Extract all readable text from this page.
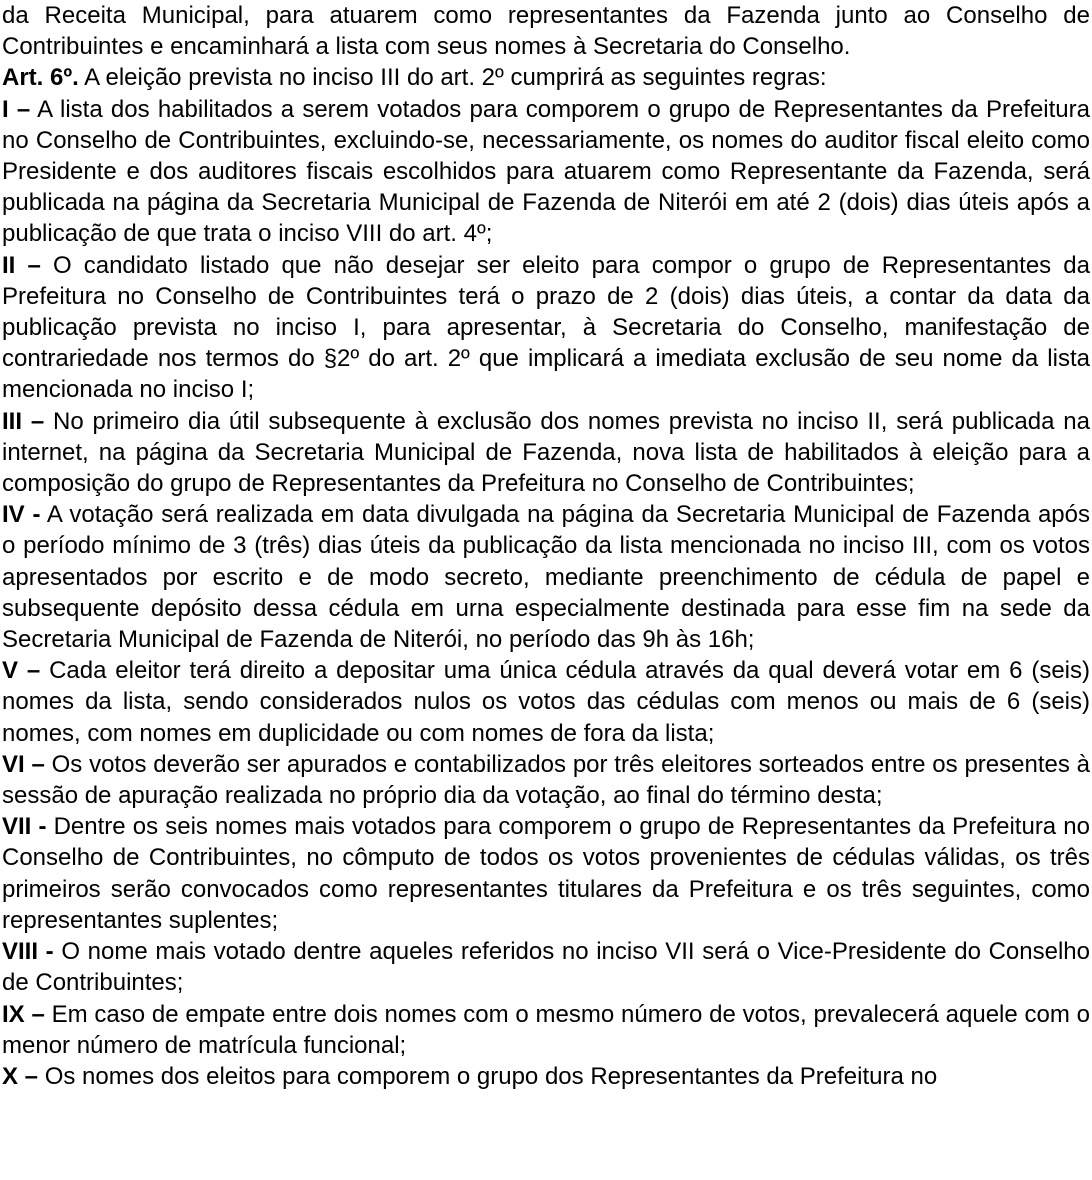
da Receita Municipal, para atuarem como representantes da Fazenda junto ao Conselho de Contribuintes e encaminhará a lista com seus nomes à Secretaria do Conselho.

Art. 6º. A eleição prevista no inciso III do art. 2º cumprirá as seguintes regras:

I – A lista dos habilitados a serem votados para comporem o grupo de Representantes da Prefeitura no Conselho de Contribuintes, excluindo-se, necessariamente, os nomes do auditor fiscal eleito como Presidente e dos auditores fiscais escolhidos para atuarem como Representante da Fazenda, será publicada na página da Secretaria Municipal de Fazenda de Niterói em até 2 (dois) dias úteis após a publicação de que trata o inciso VIII do art. 4º;

II – O candidato listado que não desejar ser eleito para compor o grupo de Representantes da Prefeitura no Conselho de Contribuintes terá o prazo de 2 (dois) dias úteis, a contar da data da publicação prevista no inciso I, para apresentar, à Secretaria do Conselho, manifestação de contrariedade nos termos do §2º do art. 2º que implicará a imediata exclusão de seu nome da lista mencionada no inciso I;

III – No primeiro dia útil subsequente à exclusão dos nomes prevista no inciso II, será publicada na internet, na página da Secretaria Municipal de Fazenda, nova lista de habilitados à eleição para a composição do grupo de Representantes da Prefeitura no Conselho de Contribuintes;

IV - A votação será realizada em data divulgada na página da Secretaria Municipal de Fazenda após o período mínimo de 3 (três) dias úteis da publicação da lista mencionada no inciso III, com os votos apresentados por escrito e de modo secreto, mediante preenchimento de cédula de papel e subsequente depósito dessa cédula em urna especialmente destinada para esse fim na sede da Secretaria Municipal de Fazenda de Niterói, no período das 9h às 16h;

V – Cada eleitor terá direito a depositar uma única cédula através da qual deverá votar em 6 (seis) nomes da lista, sendo considerados nulos os votos das cédulas com menos ou mais de 6 (seis) nomes, com nomes em duplicidade ou com nomes de fora da lista;

VI – Os votos deverão ser apurados e contabilizados por três eleitores sorteados entre os presentes à sessão de apuração realizada no próprio dia da votação, ao final do término desta;

VII - Dentre os seis nomes mais votados para comporem o grupo de Representantes da Prefeitura no Conselho de Contribuintes, no cômputo de todos os votos provenientes de cédulas válidas, os três primeiros serão convocados como representantes titulares da Prefeitura e os três seguintes, como representantes suplentes;

VIII - O nome mais votado dentre aqueles referidos no inciso VII será o Vice-Presidente do Conselho de Contribuintes;

IX – Em caso de empate entre dois nomes com o mesmo número de votos, prevalecerá aquele com o menor número de matrícula funcional;

X – Os nomes dos eleitos para comporem o grupo dos Representantes da Prefeitura no
